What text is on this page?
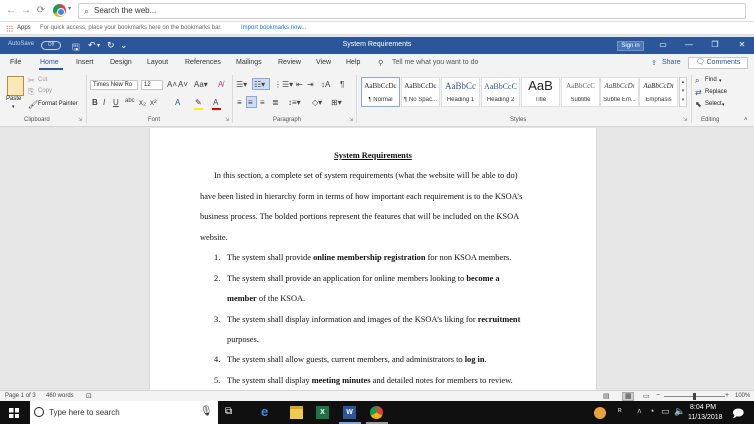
← → ⟳	▾ ⌕ Search the web...
Apps For quick access, place your bookmarks here on the bookmarks bar.	Import bookmarks now...
AutoSave	Off	🖫 ↶ ▾ ↻ ⌄	System Requirements	Sign in	▭	—	❐	✕
File	Home Insert Design Layout References Mailings Review View Help	⚲ Tell me what you want to do	⇪ Share	🗨 Comments
Paste
▾
✂ Cut
⎘ Copy
🖌 Format Painter
Clipboard	⇲
Times New Ro	12	A˄ A˅ Aa▾ A̸
B I U abc x₂ x² A ✎ A
Font	⇲
☰▾ ☷▾ ⋮☰▾ ⇤ ⇥ ↕A ¶
≡ ≡ ≡ ≣ ↕≡▾ ◇▾ ⊞▾
Paragraph	⇲
AaBbCcDc
¶ Normal
AaBbCcDc
¶ No Spac...
AaBbCc
Heading 1
AaBbCcC
Heading 2
AaB
Title
AaBbCcC
Subtitle
AaBbCcDı
Subtle Em...
AaBbCcDı
Emphasis
▴
▾
▾
Styles	⇲
⌕ Find ▾
⇄ Replace
⬉ Select ▾
Editing	˄
System Requirements
In this section, a complete set of system requirements (what the website will be able to do)
have been listed in hierarchy form in terms of how important each requirement is to the KSOA’s
business process. The bolded portions represent the features that will be included on the KSOA
website.
1. The system shall provide online membership registration for non KSOA members.
2. The system shall provide an application for online members looking to become a
member of the KSOA.
3. The system shall display information and images of the KSOA’s liking for recruitment
purposes.
4. The system shall allow guests, current members, and administrators to log in.
5. The system shall display meeting minutes and detailed notes for members to review.
Page 1 of 3 460 words ⊡	▤ ▦ ▭ −	+ 100%
Type here to search	🎙 ⧉ e	X	W	ᴿ ˄ ◔ ▭ 🔈 8:04 PM
11/13/2018 🗩
